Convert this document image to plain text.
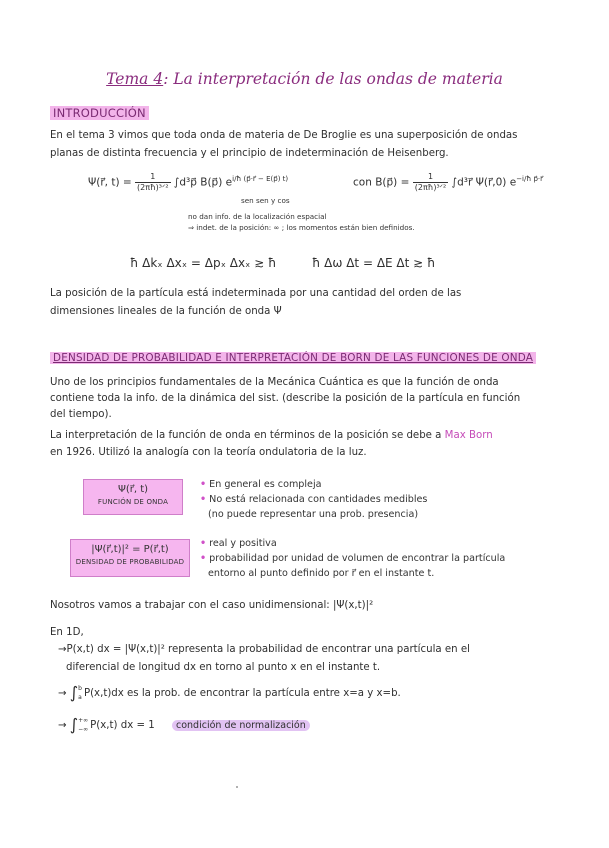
Tema 4: La interpretación de las ondas de materia
INTRODUCCIÓN
En el tema 3 vimos que toda onda de materia de De Broglie es una superposición de ondas
planas de distinta frecuencia y el principio de indeterminación de Heisenberg.
Ψ(r⃗, $t) = \frac{1}{\text{(2πħ)³ᐟ²}}$ ∫d³p⃗ B(p⃗) $e^{i/ħ (p⃗\cdot r⃗ - E(p⃗) t)}$
sen sen y cos
con B(p⃗) = $\frac{1}{\text{(2πħ)³ᐟ²}}$ ∫d³r⃗ Ψ(r⃗,0) $e^{-i/ħ p⃗\cdot r⃗}$
no dan info. de la localización espacial
⇒ indet. de la posición: ∞ ; los momentos están bien definidos.
ħ Δkₓ Δxₓ = Δpₓ Δxₓ ≳ ħ	ħ Δω Δt = ΔE Δt ≳ ħ
La posición de la partícula está indeterminada por una cantidad del orden de las
dimensiones lineales de la función de onda Ψ
DENSIDAD DE PROBABILIDAD E INTERPRETACIÓN DE BORN DE LAS FUNCIONES DE ONDA
Uno de los principios fundamentales de la Mecánica Cuántica es que la función de onda
contiene toda la info. de la dinámica del sist. (describe la posición de la partícula en función
del tiempo).
La interpretación de la función de onda en términos de la posición se debe a Max Born
en 1926. Utilizó la analogía con la teoría ondulatoria de la luz.
Ψ(r⃗, t)
FUNCIÓN DE ONDA
• En general es compleja
• No está relacionada con cantidades medibles
(no puede representar una prob. presencia)
|Ψ(r⃗,t)|² = P(r⃗,t)
DENSIDAD DE PROBABILIDAD
• real y positiva
• probabilidad por unidad de volumen de encontrar la partícula
entorno al punto definido por r⃗ en el instante t.
Nosotros vamos a trabajar con el caso unidimensional: |Ψ(x,t)|²
En 1D,
→P(x,t) dx = |Ψ(x,t)|² representa la probabilidad de encontrar una partícula en el
diferencial de longitud dx en torno al punto x en el instante t.
→ ∫ b
a P(x,t)dx es la prob. de encontrar la partícula entre x=a y x=b.
→ ∫ +∞
−∞ P(x,t) dx = 1 condición de normalización
